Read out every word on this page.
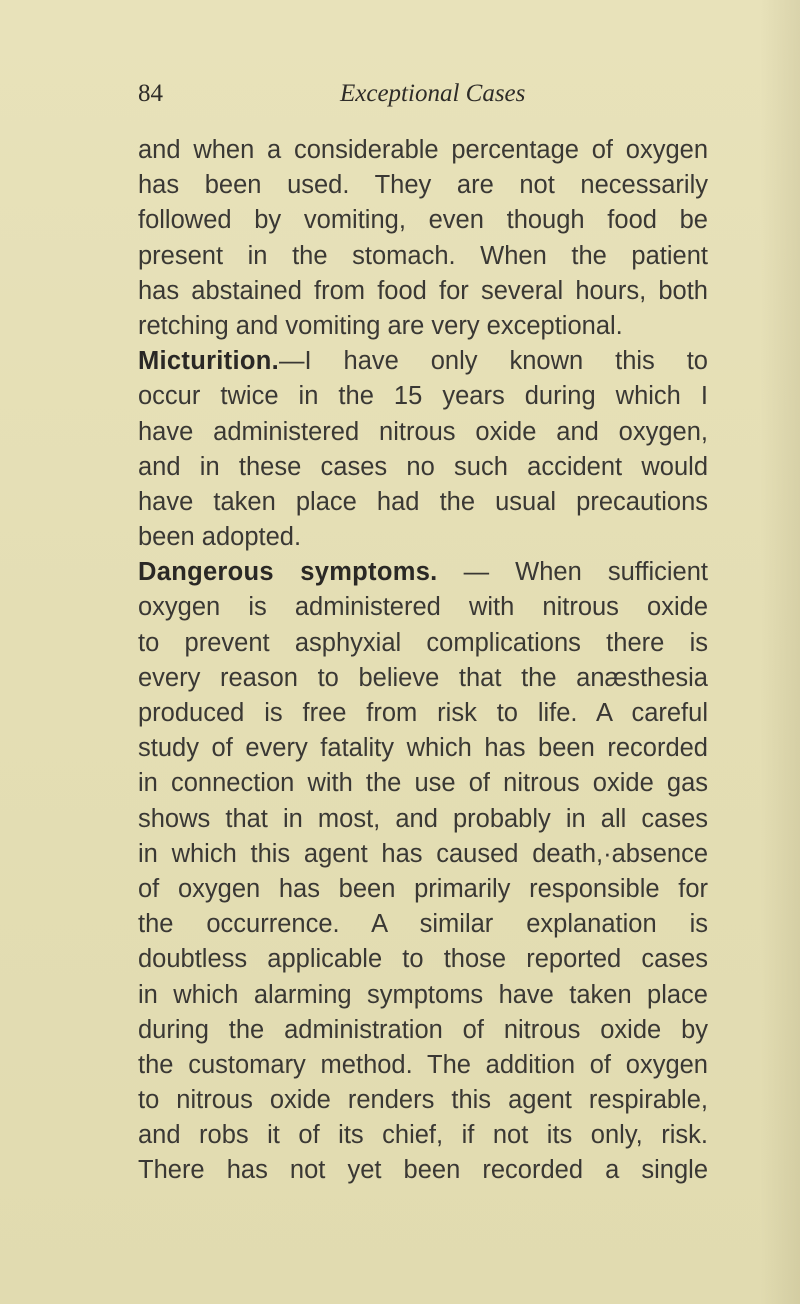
84	Exceptional Cases
and when a considerable percentage of oxygen
has been used. They are not necessarily
followed by vomiting, even though food be
present in the stomach. When the patient
has abstained from food for several hours, both
retching and vomiting are very exceptional.
Micturition.—I have only known this to
occur twice in the 15 years during which I
have administered nitrous oxide and oxygen,
and in these cases no such accident would
have taken place had the usual precautions
been adopted.
Dangerous symptoms. — When sufficient
oxygen is administered with nitrous oxide
to prevent asphyxial complications there is
every reason to believe that the anæsthesia
produced is free from risk to life. A careful
study of every fatality which has been recorded
in connection with the use of nitrous oxide gas
shows that in most, and probably in all cases
in which this agent has caused death,·absence
of oxygen has been primarily responsible for
the occurrence. A similar explanation is
doubtless applicable to those reported cases
in which alarming symptoms have taken place
during the administration of nitrous oxide by
the customary method. The addition of oxygen
to nitrous oxide renders this agent respirable,
and robs it of its chief, if not its only, risk.
There has not yet been recorded a single
